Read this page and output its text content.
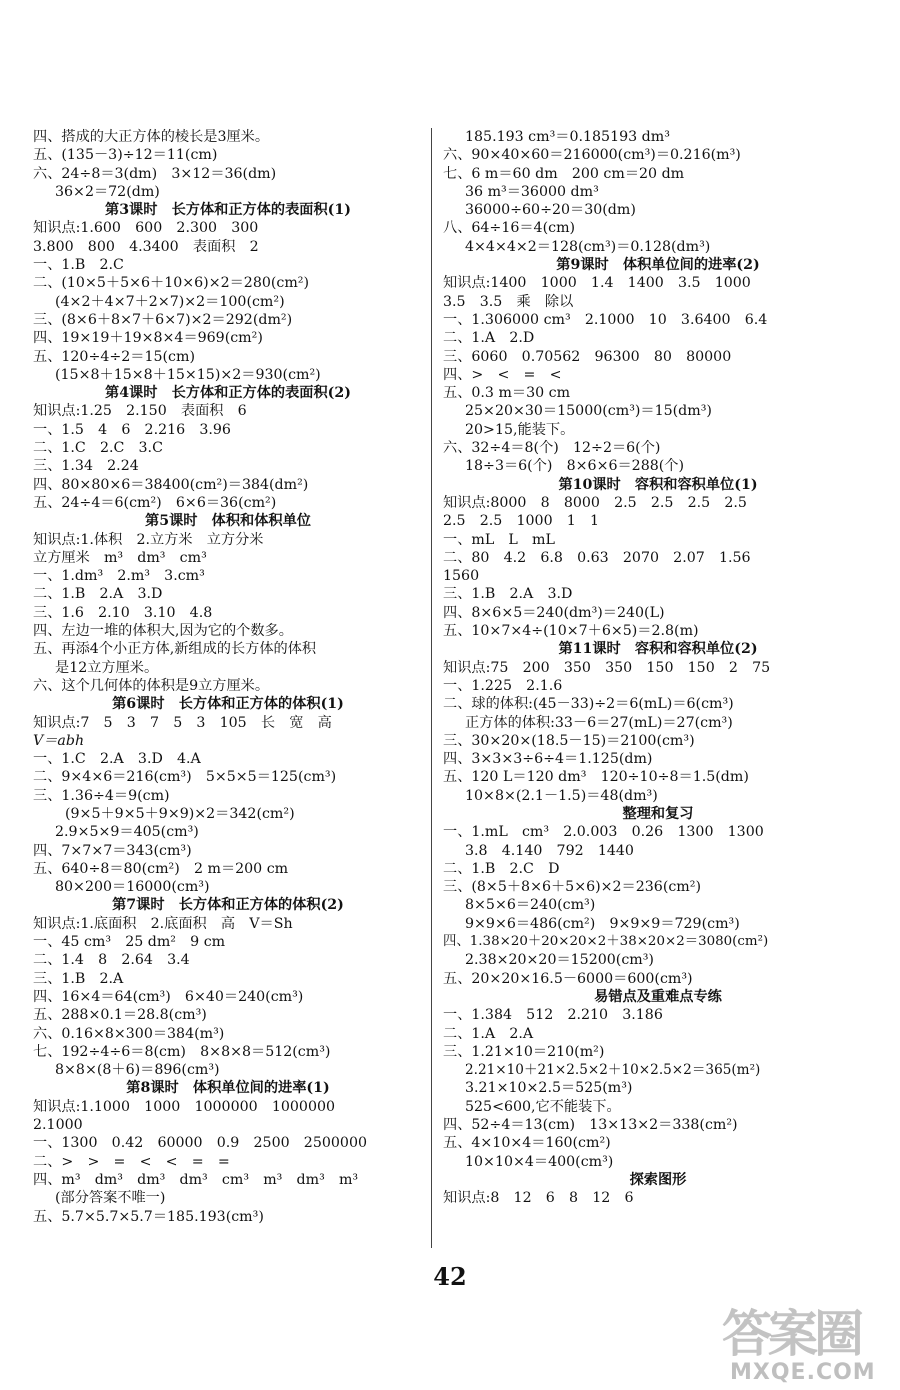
四、搭成的大正方体的棱长是3厘米。
五、(135－3)÷12＝11(cm)
六、24÷8＝3(dm)　3×12＝36(dm)
36×2＝72(dm)
第3课时　长方体和正方体的表面积(1)
知识点:1.600　600　2.300　300
3.800　800　4.3400　表面积　2
一、1.B　2.C
二、(10×5＋5×6＋10×6)×2＝280(cm²)
(4×2＋4×7＋2×7)×2＝100(cm²)
三、(8×6＋8×7＋6×7)×2＝292(dm²)
四、19×19＋19×8×4＝969(cm²)
五、120÷4÷2＝15(cm)
(15×8＋15×8＋15×15)×2＝930(cm²)
第4课时　长方体和正方体的表面积(2)
知识点:1.25　2.150　表面积　6
一、1.5　4　6　2.216　3.96
二、1.C　2.C　3.C
三、1.34　2.24
四、80×80×6＝38400(cm²)＝384(dm²)
五、24÷4＝6(cm²)　6×6＝36(cm²)
第5课时　体积和体积单位
知识点:1.体积　2.立方米　立方分米
立方厘米　m³　dm³　cm³
一、1.dm³　2.m³　3.cm³
二、1.B　2.A　3.D
三、1.6　2.10　3.10　4.8
四、左边一堆的体积大,因为它的个数多。
五、再添4个小正方体,新组成的长方体的体积
是12立方厘米。
六、这个几何体的体积是9立方厘米。
第6课时　长方体和正方体的体积(1)
知识点:7　5　3　7　5　3　105　长　宽　高
V＝abh
一、1.C　2.A　3.D　4.A
二、9×4×6＝216(cm³)　5×5×5＝125(cm³)
三、1.36÷4＝9(cm)
(9×5＋9×5＋9×9)×2＝342(cm²)
2.9×5×9＝405(cm³)
四、7×7×7＝343(cm³)
五、640÷8＝80(cm²)　2 m＝200 cm
80×200＝16000(cm³)
第7课时　长方体和正方体的体积(2)
知识点:1.底面积　2.底面积　高　V＝Sh
一、45 cm³　25 dm²　9 cm
二、1.4　8　2.64　3.4
三、1.B　2.A
四、16×4＝64(cm³)　6×40＝240(cm³)
五、288×0.1＝28.8(cm³)
六、0.16×8×300＝384(m³)
七、192÷4÷6＝8(cm)　8×8×8＝512(cm³)
8×8×(8＋6)＝896(cm³)
第8课时　体积单位间的进率(1)
知识点:1.1000　1000　1000000　1000000
2.1000
一、1300　0.42　60000　0.9　2500　2500000
二、>　>　=　<　<　=　=
四、m³　dm³　dm³　dm³　cm³　m³　dm³　m³
(部分答案不唯一)
五、5.7×5.7×5.7＝185.193(cm³)
185.193 cm³＝0.185193 dm³
六、90×40×60＝216000(cm³)＝0.216(m³)
七、6 m＝60 dm　200 cm＝20 dm
36 m³＝36000 dm³
36000÷60÷20＝30(dm)
八、64÷16＝4(cm)
4×4×4×2＝128(cm³)＝0.128(dm³)
第9课时　体积单位间的进率(2)
知识点:1400　1000　1.4　1400　3.5　1000
3.5　3.5　乘　除以
一、1.306000 cm³　2.1000　10　3.6400　6.4
二、1.A　2.D
三、6060　0.70562　96300　80　80000
四、>　<　=　<
五、0.3 m＝30 cm
25×20×30＝15000(cm³)＝15(dm³)
20>15,能装下。
六、32÷4＝8(个)　12÷2＝6(个)
18÷3＝6(个)　8×6×6＝288(个)
第10课时　容积和容积单位(1)
知识点:8000　8　8000　2.5　2.5　2.5　2.5
2.5　2.5　1000　1　1
一、mL　L　mL
二、80　4.2　6.8　0.63　2070　2.07　1.56
1560
三、1.B　2.A　3.D
四、8×6×5＝240(dm³)＝240(L)
五、10×7×4÷(10×7＋6×5)＝2.8(m)
第11课时　容积和容积单位(2)
知识点:75　200　350　350　150　150　2　75
一、1.225　2.1.6
二、球的体积:(45－33)÷2＝6(mL)＝6(cm³)
正方体的体积:33－6＝27(mL)＝27(cm³)
三、30×20×(18.5－15)＝2100(cm³)
四、3×3×3÷6÷4＝1.125(dm)
五、120 L＝120 dm³　120÷10÷8＝1.5(dm)
10×8×(2.1－1.5)＝48(dm³)
整理和复习
一、1.mL　cm³　2.0.003　0.26　1300　1300
3.8　4.140　792　1440
二、1.B　2.C　D
三、(8×5＋8×6＋5×6)×2＝236(cm²)
8×5×6＝240(cm³)
9×9×6＝486(cm²)　9×9×9＝729(cm³)
四、1.38×20＋20×20×2＋38×20×2＝3080(cm²)
2.38×20×20＝15200(cm³)
五、20×20×16.5－6000＝600(cm³)
易错点及重难点专练
一、1.384　512　2.210　3.186
二、1.A　2.A
三、1.21×10＝210(m²)
2.21×10＋21×2.5×2＋10×2.5×2＝365(m²)
3.21×10×2.5＝525(m³)
525<600,它不能装下。
四、52÷4＝13(cm)　13×13×2＝338(cm²)
五、4×10×4＝160(cm²)
10×10×4＝400(cm³)
探索图形
知识点:8　12　6　8　12　6
42
答案圈
MXQE.COM
